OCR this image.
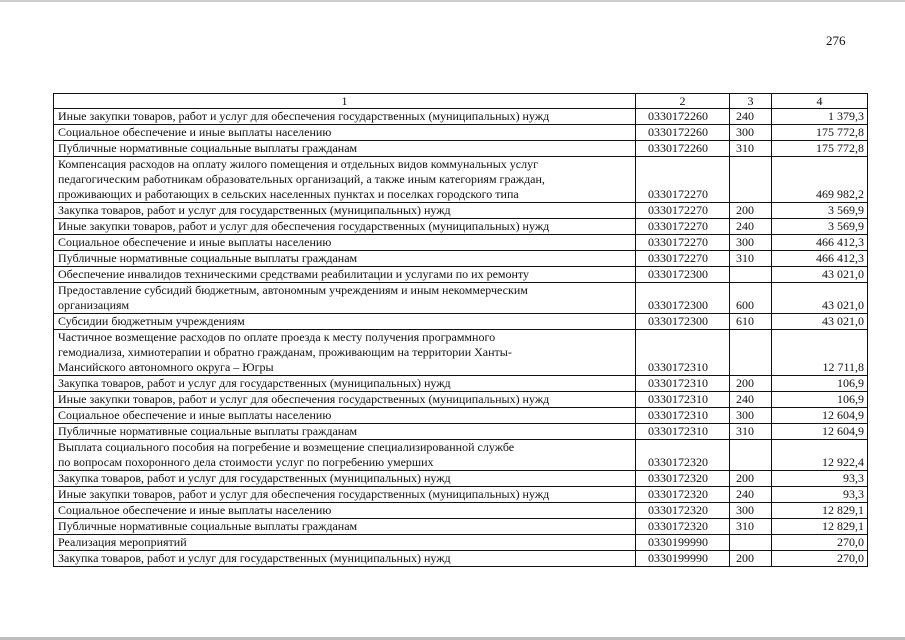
276
1	2	3	4
Иные закупки товаров, работ и услуг для обеспечения государственных (муниципальных) нужд	0330172260	240	1 379,3
Социальное обеспечение и иные выплаты населению	0330172260	300	175 772,8
Публичные нормативные социальные выплаты гражданам	0330172260	310	175 772,8
Компенсация расходов на оплату жилого помещения и отдельных видов коммунальных услуг
педагогическим работникам образовательных организаций, а также иным категориям граждан,
проживающих и работающих в сельских населенных пунктах и поселках городского типа	0330172270		469 982,2
Закупка товаров, работ и услуг для государственных (муниципальных) нужд	0330172270	200	3 569,9
Иные закупки товаров, работ и услуг для обеспечения государственных (муниципальных) нужд	0330172270	240	3 569,9
Социальное обеспечение и иные выплаты населению	0330172270	300	466 412,3
Публичные нормативные социальные выплаты гражданам	0330172270	310	466 412,3
Обеспечение инвалидов техническими средствами реабилитации и услугами по их ремонту	0330172300		43 021,0
Предоставление субсидий бюджетным, автономным учреждениям и иным некоммерческим
организациям	0330172300	600	43 021,0
Субсидии бюджетным учреждениям	0330172300	610	43 021,0
Частичное возмещение расходов по оплате проезда к месту получения программного
гемодиализа, химиотерапии и обратно гражданам, проживающим на территории Ханты-
Мансийского автономного округа – Югры	0330172310		12 711,8
Закупка товаров, работ и услуг для государственных (муниципальных) нужд	0330172310	200	106,9
Иные закупки товаров, работ и услуг для обеспечения государственных (муниципальных) нужд	0330172310	240	106,9
Социальное обеспечение и иные выплаты населению	0330172310	300	12 604,9
Публичные нормативные социальные выплаты гражданам	0330172310	310	12 604,9
Выплата социального пособия на погребение и возмещение специализированной службе
по вопросам похоронного дела стоимости услуг по погребению умерших	0330172320		12 922,4
Закупка товаров, работ и услуг для государственных (муниципальных) нужд	0330172320	200	93,3
Иные закупки товаров, работ и услуг для обеспечения государственных (муниципальных) нужд	0330172320	240	93,3
Социальное обеспечение и иные выплаты населению	0330172320	300	12 829,1
Публичные нормативные социальные выплаты гражданам	0330172320	310	12 829,1
Реализация мероприятий	0330199990		270,0
Закупка товаров, работ и услуг для государственных (муниципальных) нужд	0330199990	200	270,0
